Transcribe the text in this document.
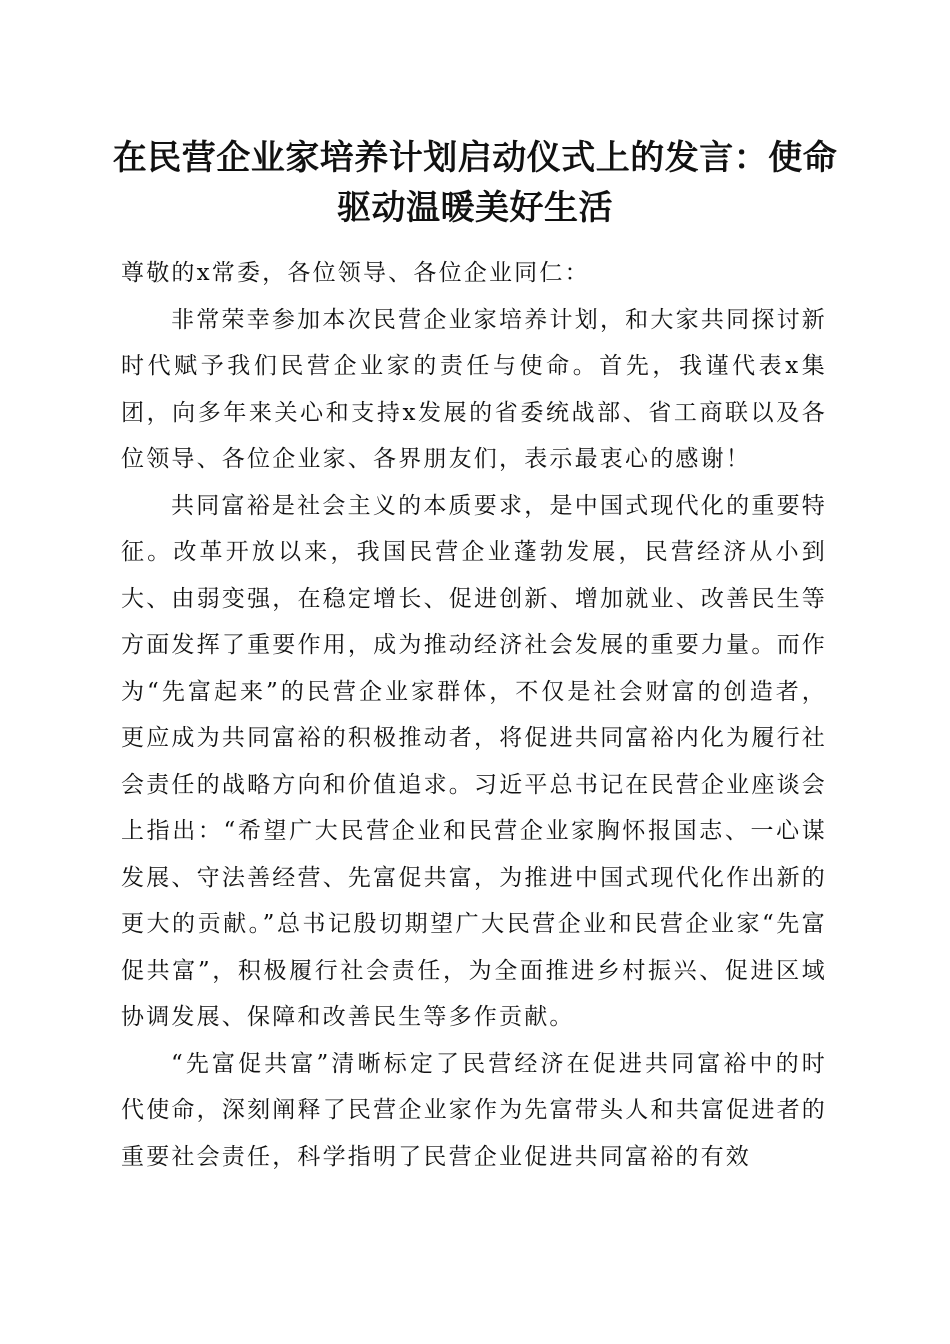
在民营企业家培养计划启动仪式上的发言：使命驱动温暖美好生活

尊敬的x常委，各位领导、各位企业同仁：

非常荣幸参加本次民营企业家培养计划，和大家共同探讨新时代赋予我们民营企业家的责任与使命。首先，我谨代表x集团，向多年来关心和支持x发展的省委统战部、省工商联以及各位领导、各位企业家、各界朋友们，表示最衷心的感谢！

共同富裕是社会主义的本质要求，是中国式现代化的重要特征。改革开放以来，我国民营企业蓬勃发展，民营经济从小到大、由弱变强，在稳定增长、促进创新、增加就业、改善民生等方面发挥了重要作用，成为推动经济社会发展的重要力量。而作为“先富起来”的民营企业家群体，不仅是社会财富的创造者，更应成为共同富裕的积极推动者，将促进共同富裕内化为履行社会责任的战略方向和价值追求。习近平总书记在民营企业座谈会上指出：“希望广大民营企业和民营企业家胸怀报国志、一心谋发展、守法善经营、先富促共富，为推进中国式现代化作出新的更大的贡献。”总书记殷切期望广大民营企业和民营企业家“先富促共富”，积极履行社会责任，为全面推进乡村振兴、促进区域协调发展、保障和改善民生等多作贡献。

“先富促共富”清晰标定了民营经济在促进共同富裕中的时代使命，深刻阐释了民营企业家作为先富带头人和共富促进者的重要社会责任，科学指明了民营企业促进共同富裕的有效
